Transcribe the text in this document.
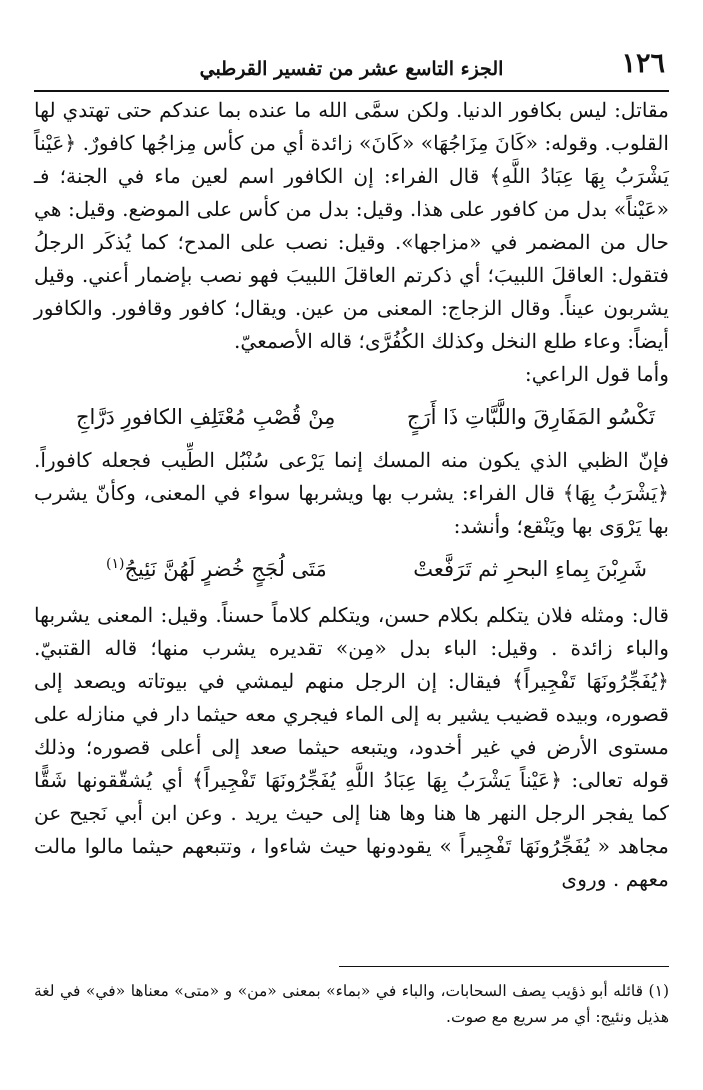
١٢٦
الجزء التاسع عشر من تفسير القرطبي

مقاتل: ليس بكافور الدنيا. ولكن سمَّى الله ما عنده بما عندكم حتى تهتدي لها القلوب. وقوله: «كَانَ مِزَاجُهَا» «كَانَ» زائدة أي من كأس مِزاجُها كافورٌ. ﴿عَيْناً يَشْرَبُ بِهَا عِبَادُ اللَّهِ﴾ قال الفراء: إن الكافور اسم لعين ماء في الجنة؛ فـ «عَيْناً» بدل من كافور على هذا. وقيل: بدل من كأس على الموضع. وقيل: هي حال من المضمر في «مزاجها». وقيل: نصب على المدح؛ كما يُذكَر الرجلُ فتقول: العاقلَ اللبيبَ؛ أي ذكرتم العاقلَ اللبيبَ فهو نصب بإضمار أعني. وقيل يشربون عيناً. وقال الزجاج: المعنى من عين. ويقال؛ كافور وقافور. والكافور أيضاً: وعاء طلع النخل وكذلك الكُفُرَّى؛ قاله الأصمعيّ.

وأما قول الراعي:

تَكْسُو المَفَارِقَ واللَّبَّاتِ ذَا أَرَجٍ
مِنْ قُصْبِ مُعْتَلِفِ الكافورِ دَرَّاجِ

فإنّ الظبي الذي يكون منه المسك إنما يَرْعى سُنْبُل الطِّيب فجعله كافوراً. ﴿يَشْرَبُ بِهَا﴾ قال الفراء: يشرب بها ويشربها سواء في المعنى، وكأنّ يشرب بها يَرْوَى بها ويَنْقع؛ وأنشد:

شَرِبْنَ بِماءِ البحرِ ثم تَرَفَّعتْ
مَتَى لُجَجٍ خُضرٍ لَهُنَّ نَئِيجُ$^{(١)}$

قال: ومثله فلان يتكلم بكلام حسن، ويتكلم كلاماً حسناً. وقيل: المعنى يشربها والباء زائدة . وقيل: الباء بدل «مِن» تقديره يشرب منها؛ قاله القتبيّ. ﴿يُفَجِّرُونَهَا تَفْجِيراً﴾ فيقال: إن الرجل منهم ليمشي في بيوتاته ويصعد إلى قصوره، وبيده قضيب يشير به إلى الماء فيجري معه حيثما دار في منازله على مستوى الأرض في غير أخدود، ويتبعه حيثما صعد إلى أعلى قصوره؛ وذلك قوله تعالى: ﴿عَيْناً يَشْرَبُ بِهَا عِبَادُ اللَّهِ يُفَجِّرُونَهَا تَفْجِيراً﴾ أي يُشقّقونها شَقًّا كما يفجر الرجل النهر ها هنا وها هنا إلى حيث يريد . وعن ابن أبي نَجيح عن مجاهد « يُفَجِّرُونَهَا تَفْجِيراً » يقودونها حيث شاءوا ، وتتبعهم حيثما مالوا مالت معهم . وروى

(١) قائله أبو ذؤيب يصف السحابات، والباء في «بماء» بمعنى «من» و «متى» معناها «في» في لغة هذيل ونئيج: أي مر سريع مع صوت.
